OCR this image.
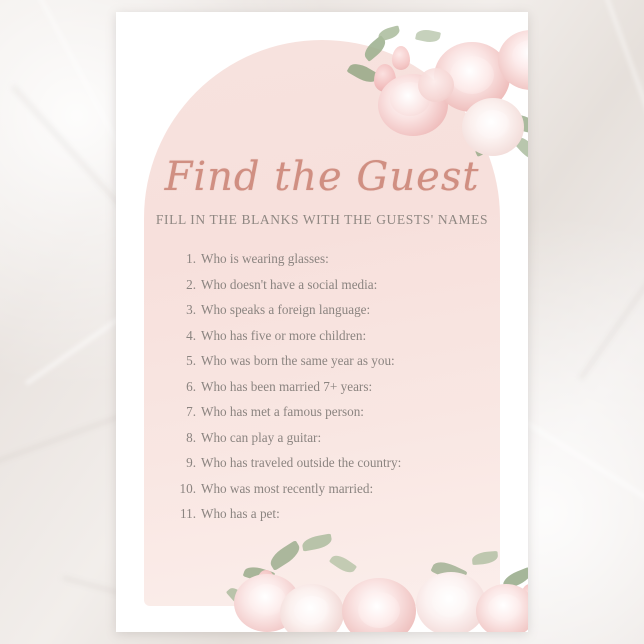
Find the Guest
FILL IN THE BLANKS WITH THE GUESTS' NAMES
1. Who is wearing glasses:
2. Who doesn't have a social media:
3. Who speaks a foreign language:
4. Who has five or more children:
5. Who was born the same year as you:
6. Who has been married 7+ years:
7. Who has met a famous person:
8. Who can play a guitar:
9. Who has traveled outside the country:
10. Who was most recently married:
11. Who has a pet:
